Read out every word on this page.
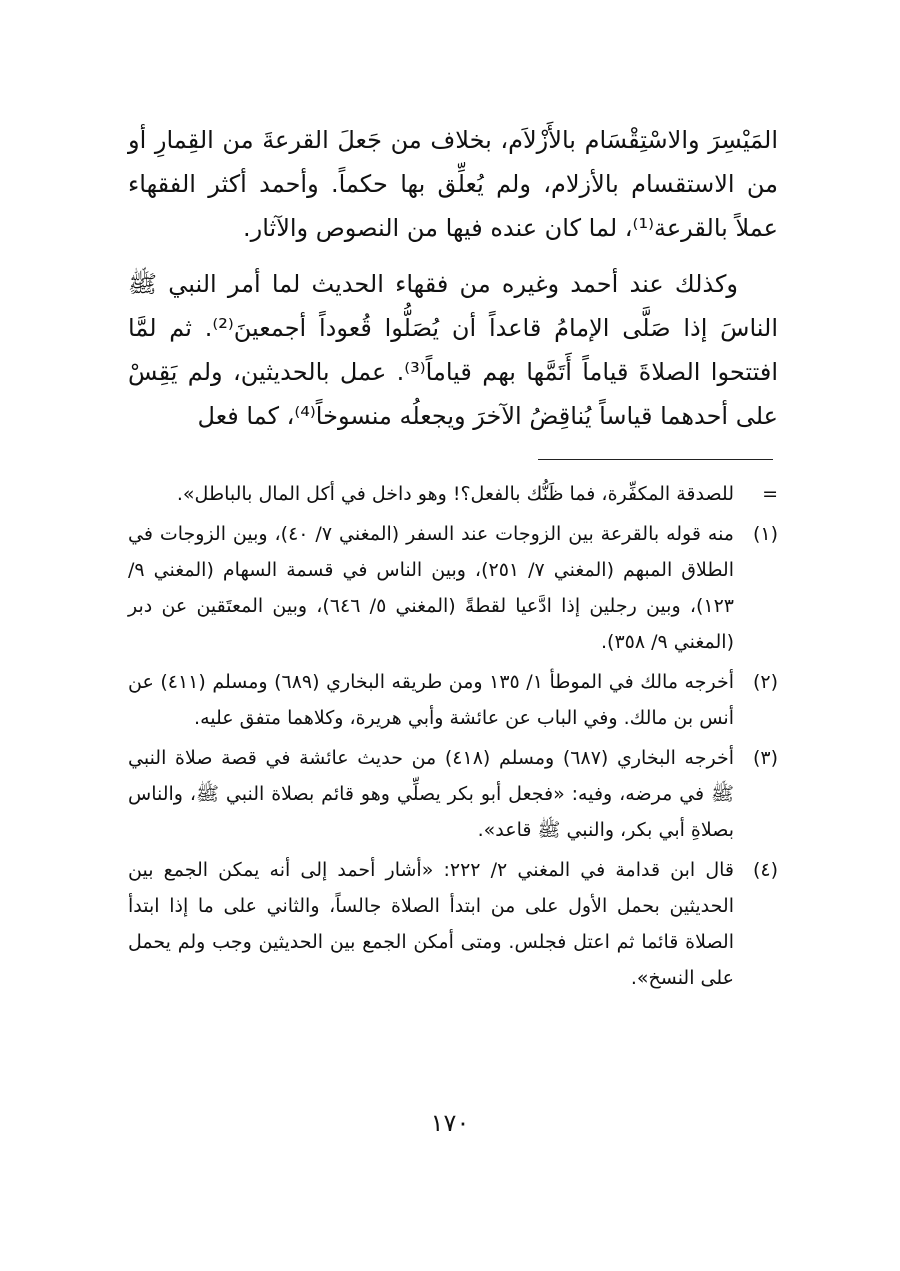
المَيْسِرَ والاسْتِقْسَام بالأَزْلاَم، بخلاف من جَعلَ القرعةَ من القِمارِ أو من الاستقسام بالأزلام، ولم يُعلِّق بها حكماً. وأحمد أكثر الفقهاء عملاً بالقرعة⁽¹⁾، لما كان عنده فيها من النصوص والآثار.

وكذلك عند أحمد وغيره من فقهاء الحديث لما أمر النبي ﷺ الناسَ إذا صَلَّى الإمامُ قاعداً أن يُصَلُّوا قُعوداً أجمعينَ⁽²⁾. ثم لمَّا افتتحوا الصلاةَ قياماً أَتَمَّها بهم قياماً⁽³⁾. عمل بالحديثين، ولم يَقِسْ على أحدهما قياساً يُناقِضُ الآخرَ ويجعلُه منسوخاً⁽⁴⁾، كما فعل

=
للصدقة المكفِّرة، فما ظَنُّك بالفعل؟! وهو داخل في أكل المال بالباطل».
(١)
منه قوله بالقرعة بين الزوجات عند السفر (المغني ٧/ ٤٠)، وبين الزوجات في الطلاق المبهم (المغني ٧/ ٢٥١)، وبين الناس في قسمة السهام (المغني ٩/ ١٢٣)، وبين رجلين إذا ادَّعيا لقطةً (المغني ٥/ ٦٤٦)، وبين المعتَقين عن دبر (المغني ٩/ ٣٥٨).
(٢)
أخرجه مالك في الموطأ ١/ ١٣٥ ومن طريقه البخاري (٦٨٩) ومسلم (٤١١) عن أنس بن مالك. وفي الباب عن عائشة وأبي هريرة، وكلاهما متفق عليه.
(٣)
أخرجه البخاري (٦٨٧) ومسلم (٤١٨) من حديث عائشة في قصة صلاة النبي ﷺ في مرضه، وفيه: «فجعل أبو بكر يصلِّي وهو قائم بصلاة النبي ﷺ، والناس بصلاةِ أبي بكر، والنبي ﷺ قاعد».
(٤)
قال ابن قدامة في المغني ٢/ ٢٢٢: «أشار أحمد إلى أنه يمكن الجمع بين الحديثين بحمل الأول على من ابتدأ الصلاة جالساً، والثاني على ما إذا ابتدأ الصلاة قائما ثم اعتل فجلس. ومتى أمكن الجمع بين الحديثين وجب ولم يحمل على النسخ».
١٧٠
